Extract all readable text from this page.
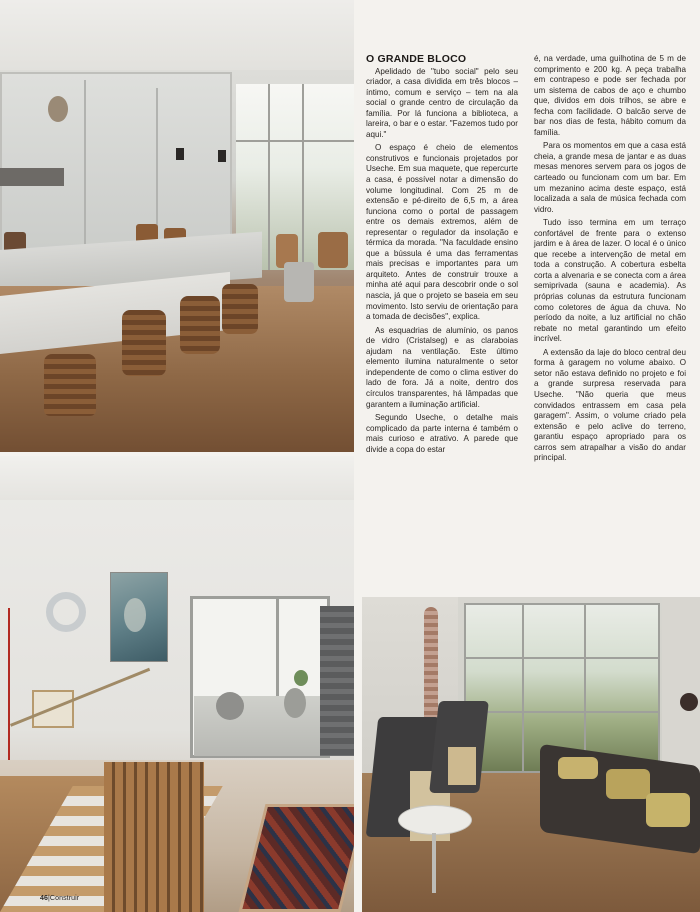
O GRANDE BLOCO

Apelidado de "tubo social" pelo seu criador, a casa dividida em três blocos – íntimo, comum e serviço – tem na ala social o grande centro de circulação da família. Por lá funciona a biblioteca, a lareira, o bar e o estar. "Fazemos tudo por aqui."

O espaço é cheio de elementos construtivos e funcionais projetados por Useche. Em sua maquete, que repercurte a casa, é possível notar a dimensão do volume longitudinal. Com 25 m de extensão e pé-direito de 6,5 m, a área funciona como o portal de passagem entre os demais extremos, além de representar o regulador da insolação e térmica da morada. "Na faculdade ensino que a bússula é uma das ferramentas mais precisas e importantes para um arquiteto. Antes de construir trouxe a minha até aqui para descobrir onde o sol nascia, já que o projeto se baseia em seu movimento. Isto serviu de orientação para a tomada de decisões", explica.

As esquadrias de alumínio, os panos de vidro (Cristalseg) e as claraboias ajudam na ventilação. Este último elemento ilumina naturalmente o setor independente de como o clima estiver do lado de fora. Já a noite, dentro dos círculos transparentes, há lâmpadas que garantem a iluminação artificial.

Segundo Useche, o detalhe mais complicado da parte interna é também o mais curioso e atrativo. A parede que divide a copa do estar

é, na verdade, uma guilhotina de 5 m de comprimento e 200 kg. A peça trabalha em contrapeso e pode ser fechada por um sistema de cabos de aço e chumbo que, dividos em dois trilhos, se abre e fecha com facilidade. O balcão serve de bar nos dias de festa, hábito comum da família.

Para os momentos em que a casa está cheia, a grande mesa de jantar e as duas mesas menores servem para os jogos de carteado ou funcionam com um bar. Em um mezanino acima deste espaço, está localizada a sala de música fechada com vidro.

Tudo isso termina em um terraço confortável de frente para o extenso jardim e à área de lazer. O local é o único que recebe a intervenção de metal em toda a construção. A cobertura esbelta corta a alvenaria e se conecta com a área semiprivada (sauna e academia). As próprias colunas da estrutura funcionam como coletores de água da chuva. No período da noite, a luz artificial no chão rebate no metal garantindo um efeito incrível.

A extensão da laje do bloco central deu forma à garagem no volume abaixo. O setor não estava definido no projeto e foi a grande surpresa reservada para Useche. "Não queria que meus convidados entrassem em casa pela garagem". Assim, o volume criado pela extensão e pelo aclive do terreno, garantiu espaço apropriado para os carros sem atrapalhar a visão do andar principal.

46|Construir
